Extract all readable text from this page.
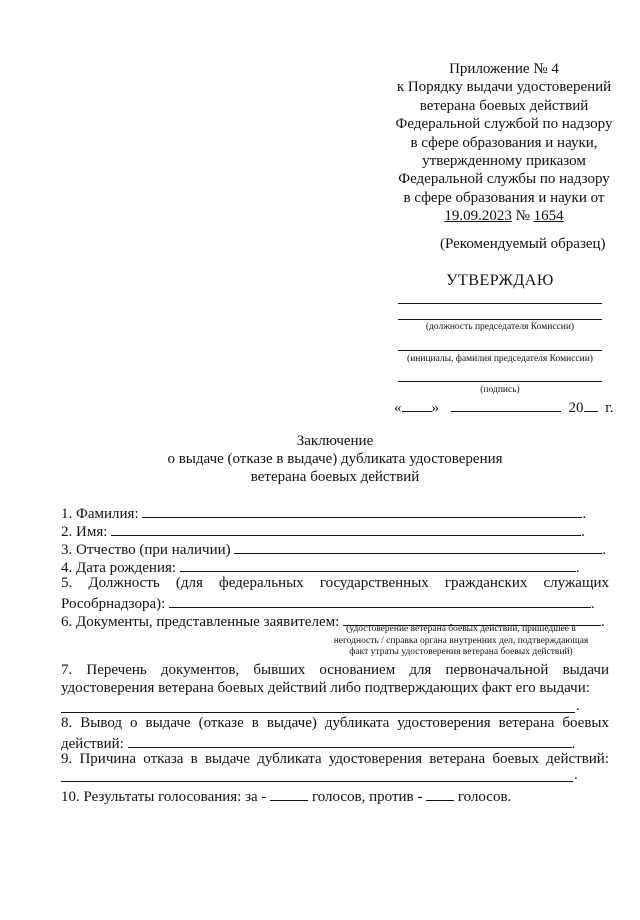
Приложение № 4
к Порядку выдачи удостоверений
ветерана боевых действий
Федеральной службой по надзору
в сфере образования и науки,
утвержденному приказом
Федеральной службы по надзору
в сфере образования и науки от
19.09.2023 № 1654
(Рекомендуемый образец)
УТВЕРЖДАЮ
(должность председателя Комиссии)
(инициалы, фамилия председателя Комиссии)
(подпись)
« »	20 г.
Заключение
о выдаче (отказе в выдаче) дубликата удостоверения
ветерана боевых действий
1. Фамилия:	.
2. Имя:	.
3. Отчество (при наличии)	.
4. Дата рождения:	.
5. Должность (для федеральных государственных гражданских служащих
Рособрнадзора):	.
6. Документы, представленные заявителем:	.
(удостоверение ветерана боевых действий, пришедшее в
негодность / справка органа внутренних дел, подтверждающая
факт утраты удостоверения ветерана боевых действий)
7. Перечень документов, бывших основанием для первоначальной выдачи
удостоверения ветерана боевых действий либо подтверждающих факт его выдачи:
.
8. Вывод о выдаче (отказе в выдаче) дубликата удостоверения ветерана боевых
действий:	.
9. Причина отказа в выдаче дубликата удостоверения ветерана боевых действий:
.
10. Результаты голосования: за -	голосов, против - голосов.
